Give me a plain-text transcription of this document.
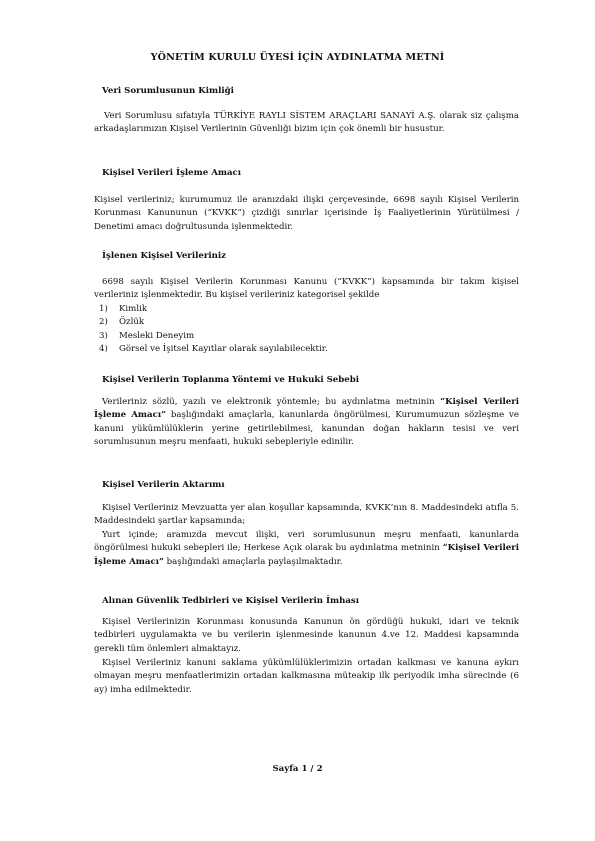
YÖNETİM KURULU ÜYESİ İÇİN AYDINLATMA METNİ
Veri Sorumlusunun Kimliği
Veri Sorumlusu sıfatıyla TÜRKİYE RAYLI SİSTEM ARAÇLARI SANAYİ A.Ş. olarak siz çalışma arkadaşlarımızın Kişisel Verilerinin Güvenliği bizim için çok önemli bir husustur.
Kişisel Verileri İşleme Amacı
Kişisel verileriniz; kurumumuz ile aranızdaki ilişki çerçevesinde, 6698 sayılı Kişisel Verilerin Korunması Kanununun (“KVKK”) çizdiği sınırlar içerisinde İş Faaliyetlerinin Yürütülmesi / Denetimi amacı doğrultusunda işlenmektedir.
İşlenen Kişisel Verileriniz
6698 sayılı Kişisel Verilerin Korunması Kanunu (“KVKK”) kapsamında bir takım kişisel verileriniz işlenmektedir. Bu kişisel verileriniz kategorisel şekilde
1)	Kimlik
2)	Özlük
3)	Mesleki Deneyim
4)	Görsel ve İşitsel Kayıtlar olarak sayılabilecektir.
Kişisel Verilerin Toplanma Yöntemi ve Hukuki Sebebi
Verileriniz sözlü, yazılı ve elektronik yöntemle; bu aydınlatma metninin “Kişisel Verileri İşleme Amacı” başlığındaki amaçlarla, kanunlarda öngörülmesi, Kurumumuzun sözleşme ve kanuni yükümlülüklerin yerine getirilebilmesi, kanundan doğan hakların tesisi ve veri sorumlusunun meşru menfaati, hukuki sebepleriyle edinilir.
Kişisel Verilerin Aktarımı
Kişisel Verileriniz Mevzuatta yer alan koşullar kapsamında, KVKK’nın 8. Maddesindeki atıfla 5. Maddesindeki şartlar kapsamında;
Yurt içinde; aramızda mevcut ilişki, veri sorumlusunun meşru menfaati, kanunlarda öngörülmesi hukuki sebepleri ile; Herkese Açık olarak bu aydınlatma metninin “Kişisel Verileri İşleme Amacı” başlığındaki amaçlarla paylaşılmaktadır.
Alınan Güvenlik Tedbirleri ve Kişisel Verilerin İmhası
Kişisel Verilerinizin Korunması konusunda Kanunun ön gördüğü hukuki, idari ve teknik tedbirleri uygulamakta ve bu verilerin işlenmesinde kanunun 4.ve 12. Maddesi kapsamında gerekli tüm önlemleri almaktayız.
Kişisel Verileriniz kanuni saklama yükümlülüklerimizin ortadan kalkması ve kanuna aykırı olmayan meşru menfaatlerimizin ortadan kalkmasına müteakip ilk periyodik imha sürecinde (6 ay) imha edilmektedir.
Sayfa 1 / 2
